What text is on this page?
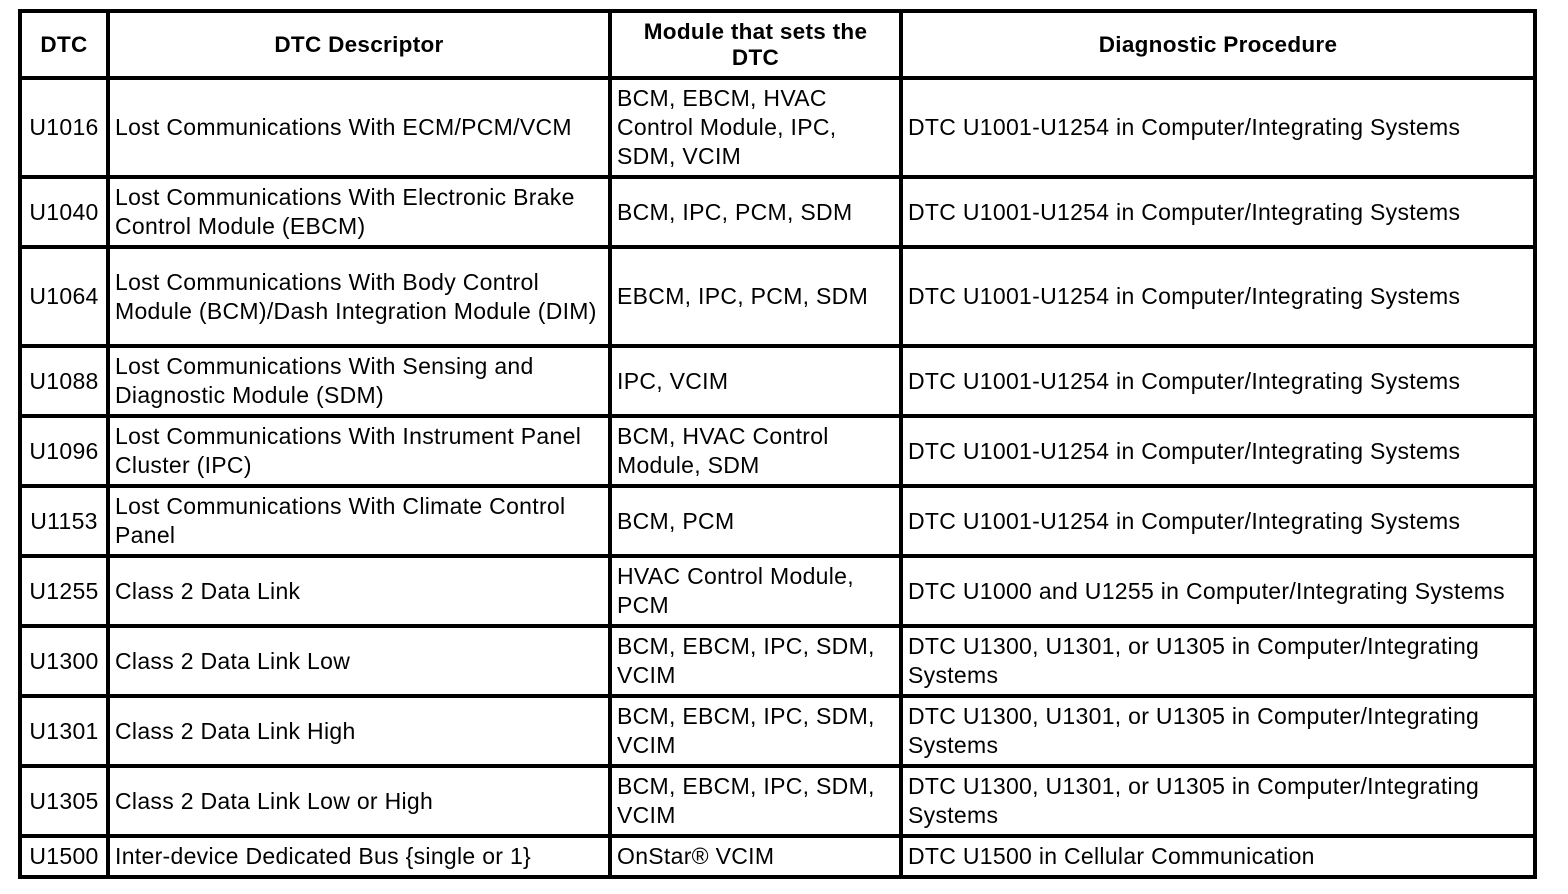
DTC	DTC Descriptor	Module that sets the DTC	Diagnostic Procedure
U1016	Lost Communications With ECM/PCM/VCM	BCM, EBCM, HVAC Control Module, IPC, SDM, VCIM	DTC U1001-U1254 in Computer/Integrating Systems
U1040	Lost Communications With Electronic Brake Control Module (EBCM)	BCM, IPC, PCM, SDM	DTC U1001-U1254 in Computer/Integrating Systems
U1064	Lost Communications With Body Control Module (BCM)/Dash Integration Module (DIM)	EBCM, IPC, PCM, SDM	DTC U1001-U1254 in Computer/Integrating Systems
U1088	Lost Communications With Sensing and Diagnostic Module (SDM)	IPC, VCIM	DTC U1001-U1254 in Computer/Integrating Systems
U1096	Lost Communications With Instrument Panel Cluster (IPC)	BCM, HVAC Control Module, SDM	DTC U1001-U1254 in Computer/Integrating Systems
U1153	Lost Communications With Climate Control Panel	BCM, PCM	DTC U1001-U1254 in Computer/Integrating Systems
U1255	Class 2 Data Link	HVAC Control Module, PCM	DTC U1000 and U1255 in Computer/Integrating Systems
U1300	Class 2 Data Link Low	BCM, EBCM, IPC, SDM, VCIM	DTC U1300, U1301, or U1305 in Computer/Integrating Systems
U1301	Class 2 Data Link High	BCM, EBCM, IPC, SDM, VCIM	DTC U1300, U1301, or U1305 in Computer/Integrating Systems
U1305	Class 2 Data Link Low or High	BCM, EBCM, IPC, SDM, VCIM	DTC U1300, U1301, or U1305 in Computer/Integrating Systems
U1500	Inter-device Dedicated Bus {single or 1}	OnStar® VCIM	DTC U1500 in Cellular Communication
